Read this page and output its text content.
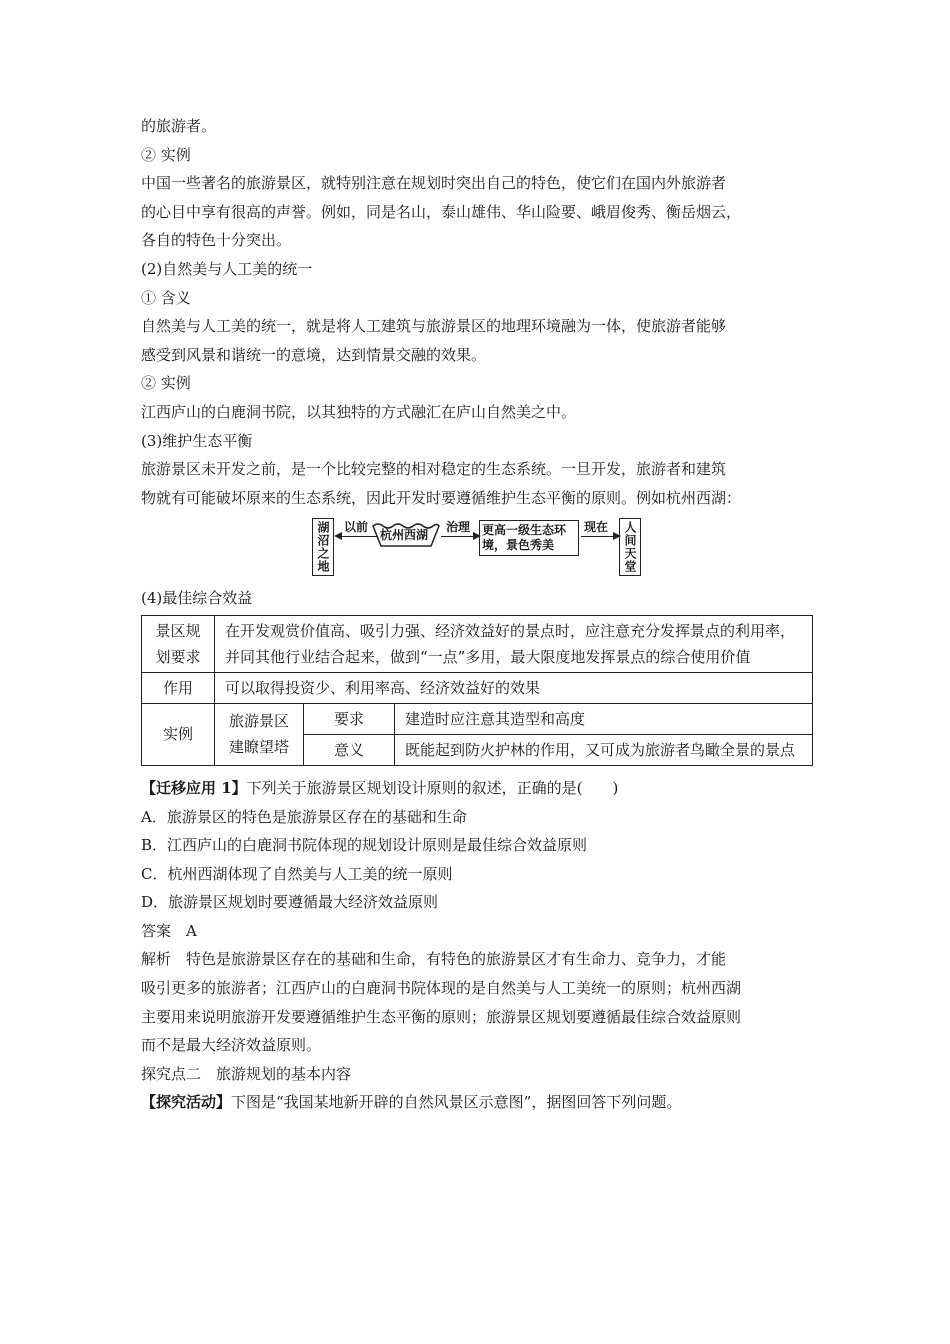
的旅游者。

② 实例

中国一些著名的旅游景区，就特别注意在规划时突出自己的特色，使它们在国内外旅游者

的心目中享有很高的声誉。例如，同是名山，泰山雄伟、华山险要、峨眉俊秀、衡岳烟云，

各自的特色十分突出。

(2)自然美与人工美的统一

① 含义

自然美与人工美的统一，就是将人工建筑与旅游景区的地理环境融为一体，使旅游者能够

感受到风景和谐统一的意境，达到情景交融的效果。

② 实例

江西庐山的白鹿洞书院，以其独特的方式融汇在庐山自然美之中。

(3)维护生态平衡

旅游景区未开发之前，是一个比较完整的相对稳定的生态系统。一旦开发，旅游者和建筑

物就有可能破坏原来的生态系统，因此开发时要遵循维护生态平衡的原则。例如杭州西湖：

湖沼之地	以前
杭州西湖
治理 更高一级生态环境，景色秀美
现在	人间天堂

(4)最佳综合效益

景区规划要求	在开发观赏价值高、吸引力强、经济效益好的景点时，应注意充分发挥景点的利用率，并同其他行业结合起来，做到“一点”多用，最大限度地发挥景点的综合使用价值		
作用	可以取得投资少、利用率高、经济效益好的效果		
实例	旅游景区建瞭望塔	要求	建造时应注意其造型和高度
		意义	既能起到防火护林的作用，又可成为旅游者鸟瞰全景的景点

【迁移应用 1】下列关于旅游景区规划设计原则的叙述，正确的是(　　)

A．旅游景区的特色是旅游景区存在的基础和生命

B．江西庐山的白鹿洞书院体现的规划设计原则是最佳综合效益原则

C．杭州西湖体现了自然美与人工美的统一原则

D．旅游景区规划时要遵循最大经济效益原则

答案　A

解析　特色是旅游景区存在的基础和生命，有特色的旅游景区才有生命力、竞争力，才能

吸引更多的旅游者；江西庐山的白鹿洞书院体现的是自然美与人工美统一的原则；杭州西湖

主要用来说明旅游开发要遵循维护生态平衡的原则；旅游景区规划要遵循最佳综合效益原则

而不是最大经济效益原则。

探究点二　旅游规划的基本内容

【探究活动】下图是“我国某地新开辟的自然风景区示意图”，据图回答下列问题。
